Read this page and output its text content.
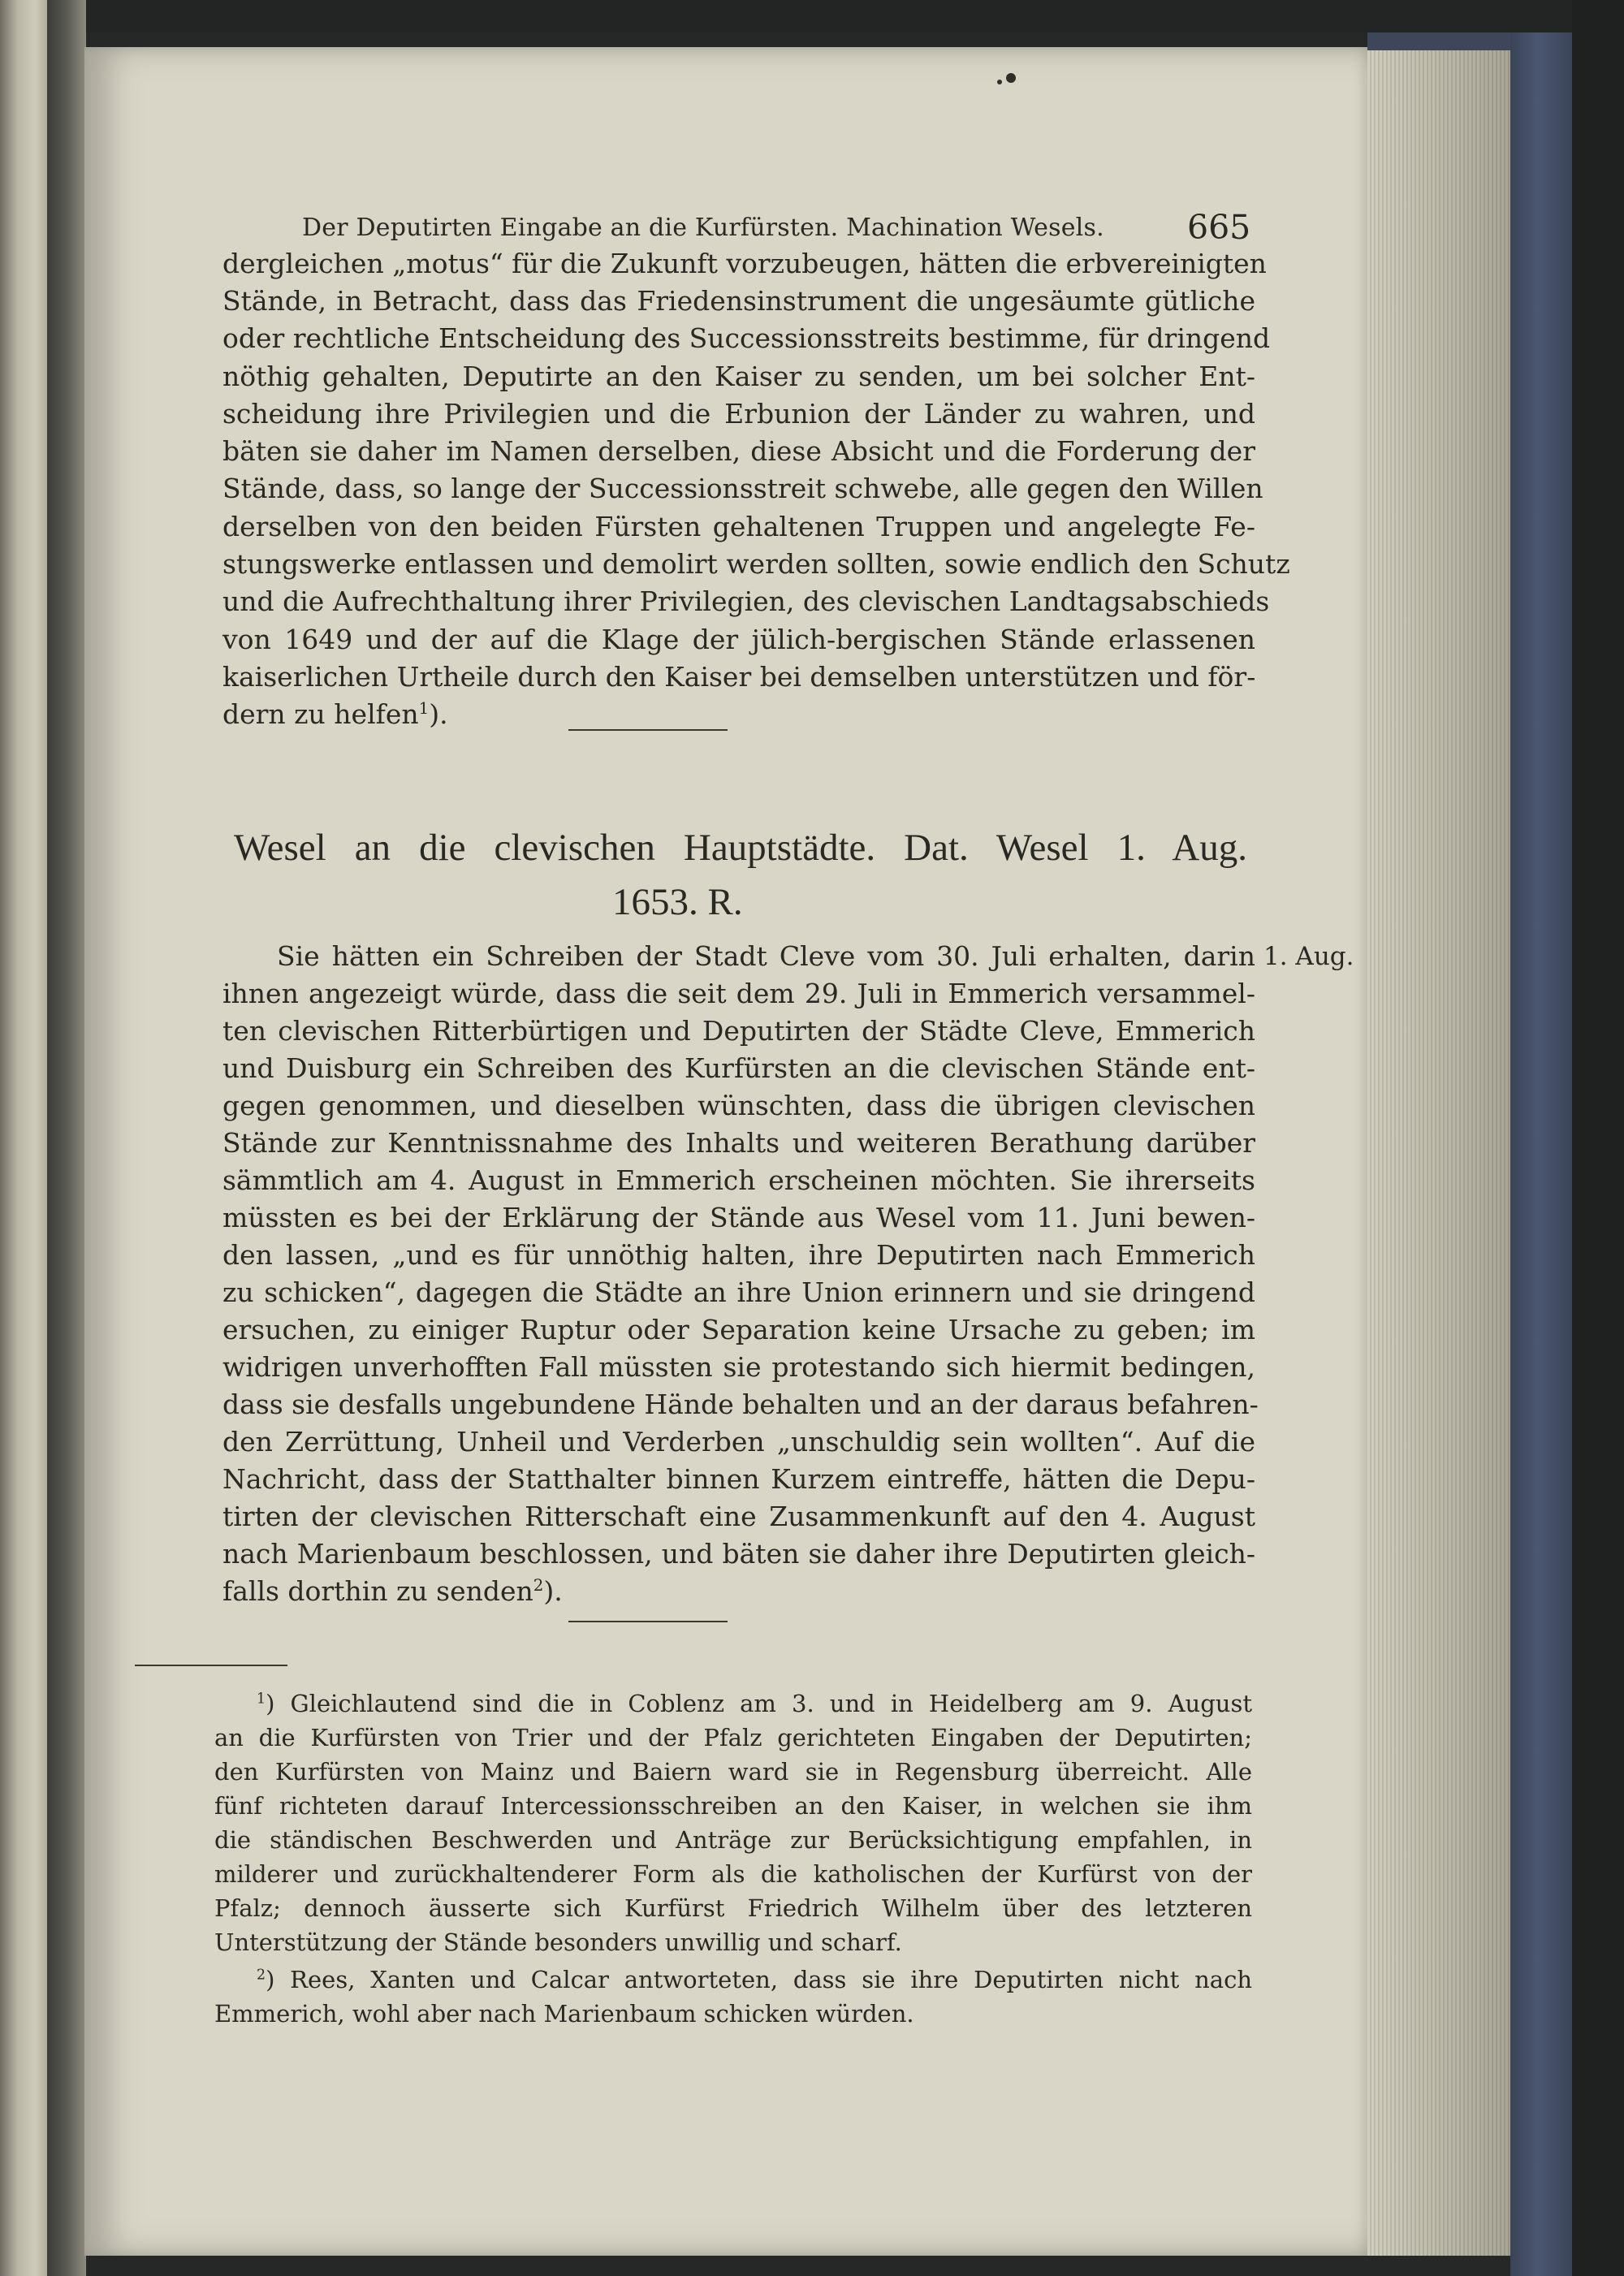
Der Deputirten Eingabe an die Kurfürsten. Machination Wesels.	665
dergleichen „motus“ für die Zukunft vorzubeugen, hätten die erbvereinigten
Stände, in Betracht, dass das Friedensinstrument die ungesäumte gütliche
oder rechtliche Entscheidung des Successionsstreits bestimme, für dringend
nöthig gehalten, Deputirte an den Kaiser zu senden, um bei solcher Ent-
scheidung ihre Privilegien und die Erbunion der Länder zu wahren, und
bäten sie daher im Namen derselben, diese Absicht und die Forderung der
Stände, dass, so lange der Successionsstreit schwebe, alle gegen den Willen
derselben von den beiden Fürsten gehaltenen Truppen und angelegte Fe-
stungswerke entlassen und demolirt werden sollten, sowie endlich den Schutz
und die Aufrechthaltung ihrer Privilegien, des clevischen Landtagsabschieds
von 1649 und der auf die Klage der jülich-bergischen Stände erlassenen
kaiserlichen Urtheile durch den Kaiser bei demselben unterstützen und för-
dern zu helfen$^1$).
Wesel an die clevischen Hauptstädte. Dat. Wesel 1. Aug.
1653. R.
1. Aug.
Sie hätten ein Schreiben der Stadt Cleve vom 30. Juli erhalten, darin
ihnen angezeigt würde, dass die seit dem 29. Juli in Emmerich versammel-
ten clevischen Ritterbürtigen und Deputirten der Städte Cleve, Emmerich
und Duisburg ein Schreiben des Kurfürsten an die clevischen Stände ent-
gegen genommen, und dieselben wünschten, dass die übrigen clevischen
Stände zur Kenntnissnahme des Inhalts und weiteren Berathung darüber
sämmtlich am 4. August in Emmerich erscheinen möchten. Sie ihrerseits
müssten es bei der Erklärung der Stände aus Wesel vom 11. Juni bewen-
den lassen, „und es für unnöthig halten, ihre Deputirten nach Emmerich
zu schicken“, dagegen die Städte an ihre Union erinnern und sie dringend
ersuchen, zu einiger Ruptur oder Separation keine Ursache zu geben; im
widrigen unverhofften Fall müssten sie protestando sich hiermit bedingen,
dass sie desfalls ungebundene Hände behalten und an der daraus befahren-
den Zerrüttung, Unheil und Verderben „unschuldig sein wollten“. Auf die
Nachricht, dass der Statthalter binnen Kurzem eintreffe, hätten die Depu-
tirten der clevischen Ritterschaft eine Zusammenkunft auf den 4. August
nach Marienbaum beschlossen, und bäten sie daher ihre Deputirten gleich-
falls dorthin zu senden$^2$).
$^1$) Gleichlautend sind die in Coblenz am 3. und in Heidelberg am 9. August
an die Kurfürsten von Trier und der Pfalz gerichteten Eingaben der Deputirten;
den Kurfürsten von Mainz und Baiern ward sie in Regensburg überreicht. Alle
fünf richteten darauf Intercessionsschreiben an den Kaiser, in welchen sie ihm
die ständischen Beschwerden und Anträge zur Berücksichtigung empfahlen, in
milderer und zurückhaltenderer Form als die katholischen der Kurfürst von der
Pfalz; dennoch äusserte sich Kurfürst Friedrich Wilhelm über des letzteren
Unterstützung der Stände besonders unwillig und scharf.
$^2$) Rees, Xanten und Calcar antworteten, dass sie ihre Deputirten nicht nach
Emmerich, wohl aber nach Marienbaum schicken würden.
